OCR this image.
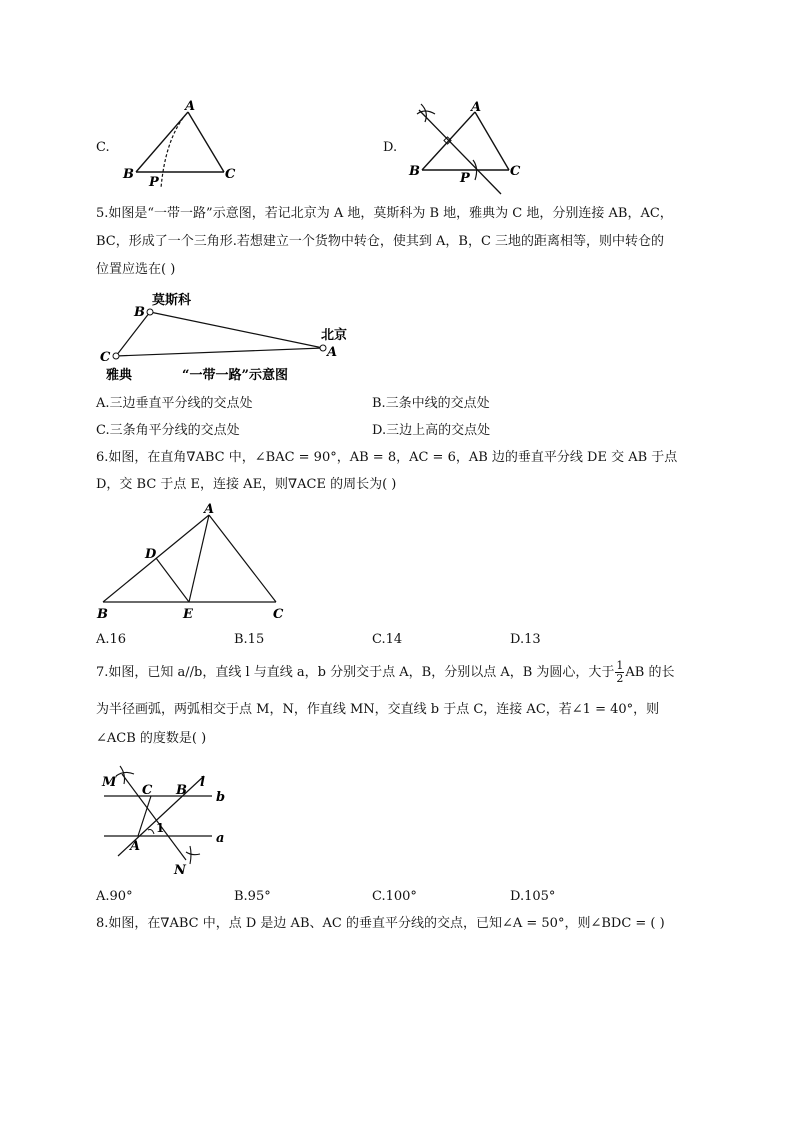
C.
A
B	C
P
D.
A
B	C
P
5.如图是“一带一路”示意图，若记北京为 A 地，莫斯科为 B 地，雅典为 C 地，分别连接 AB，AC，
BC，形成了一个三角形.若想建立一个货物中转仓，使其到 A，B，C 三地的距离相等，则中转仓的
位置应选在( )
莫斯科
B
北京
A
C
雅典	“一带一路”示意图
A.三边垂直平分线的交点处	B.三条中线的交点处
C.三条角平分线的交点处	D.三边上高的交点处
6.如图，在直角∇ABC 中，∠BAC = 90°，AB = 8，AC = 6，AB 边的垂直平分线 DE 交 AB 于点
D，交 BC 于点 E，连接 AE，则∇ACE 的周长为( )
A
D
B	E	C
A.16	B.15	C.14	D.13
7.如图，已知 a//b，直线 l 与直线 a，b 分别交于点 A，B，分别以点 A，B 为圆心，大于 $\frac{1}{2}$ AB 的长
为半径画弧，两弧相交于点 M，N，作直线 MN，交直线 b 于点 C，连接 AC，若∠1 = 40°，则
∠ACB 的度数是( )
M
C B
l
b
a
1
A
N
A.90°	B.95°	C.100°	D.105°
8.如图，在∇ABC 中，点 D 是边 AB、AC 的垂直平分线的交点，已知∠A = 50°，则∠BDC = ( )
